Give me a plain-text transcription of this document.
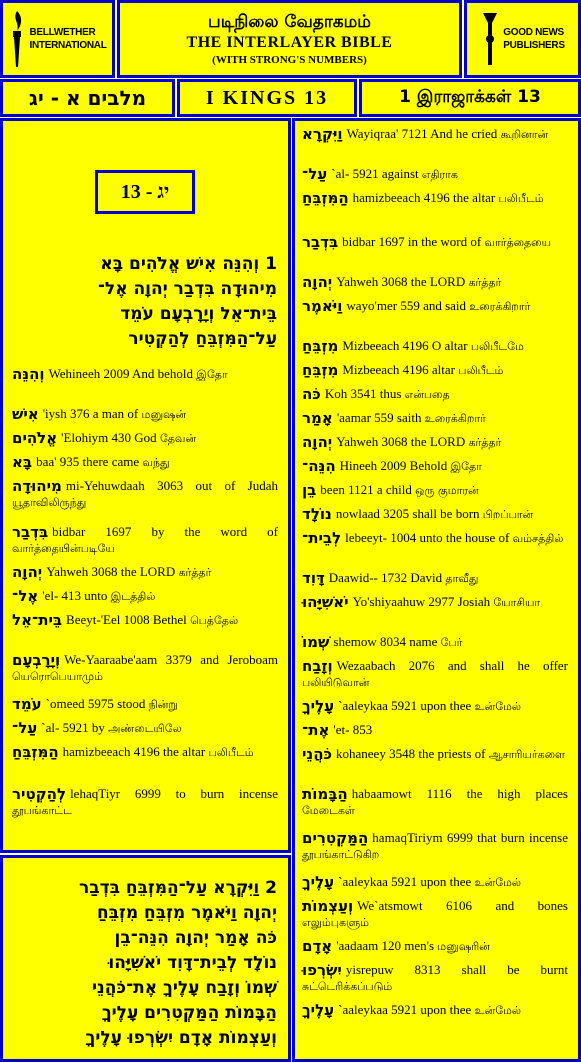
BELLWETHER
INTERNATIONAL
படிநிலை வேதாகமம்
THE INTERLAYER BIBLE
(WITH STRONG'S NUMBERS)
GOOD NEWS
PUBLISHERS
מלבים א - יג	I KINGS 13	1 இராஜாக்கள் 13
יג - 13
1 וְהִנֵּה אִישׁ אֱלֹהִים בָּא
מִיהוּדָה בִּדְבַר יְהוָה אֶל־
בֵּית־אֵל וְיָרָבְעָם עֹמֵד
עַל־הַמִּזְבֵּחַ לְהַקְטִיר
2 וַיִּקְרָא עַל־הַמִּזְבֵּחַ בִּדְבַר
יְהוָה וַיֹּאמֶר מִזְבֵּחַ מִזְבֵּחַ
כֹּה אָמַר יְהוָה הִנֵּה־בֵן
נוֹלָד לְבֵית־דָּוִד יֹאשִׁיָּהוּ
שְׁמוֹ וְזָבַח עָלֶיךָ אֶת־כֹּהֲנֵי
הַבָּמוֹת הַמַּקְטִרִים עָלֶיךָ
וְעַצְמוֹת אָדָם יִשְׂרְפוּ עָלֶיךָ
וְהִנֵּה Wehineeh 2009 And behold இதோ
אִישׁ 'iysh 376 a man of மனுஷன்
אֱלֹהִים 'Elohiym 430 God தேவன்
בָּא baa' 935 there came வந்து
מִיהוּדָה mi-Yehuwdaah 3063 out of Judah யூதாவிலிருந்து
בִּדְבַר bidbar 1697 by the word of வார்த்தையின்படியே
יְהוָה Yahweh 3068 the LORD கர்த்தர்
אֶל־ 'el- 413 unto இடத்தில்
בֵּית־אֵל Beeyt-'Eel 1008 Bethel பெத்தேல்
וְיָרָבְעָם We-Yaaraabe'aam 3379 and Jeroboam யெரொபெயாமும்
עֹמֵד `omeed 5975 stood நின்று
עַל־ `al- 5921 by அண்டையிலே
הַמִּזְבֵּחַ hamizbeeach 4196 the altar பலிபீடம்
לְהַקְטִיר lehaqTiyr 6999 to burn incense தூபங்காட்ட
וַיִּקְרָא Wayiqraa' 7121 And he cried கூறினான்
עַל־ `al- 5921 against எதிராக
הַמִּזְבֵּחַ hamizbeeach 4196 the altar பலிபீடம்
בִּדְבַר bidbar 1697 in the word of வார்த்தையை
יְהוָה Yahweh 3068 the LORD கர்த்தர்
וַיֹּאמֶר wayo'mer 559 and said உரைக்கிறார்
מִזְבֵּחַ Mizbeeach 4196 O altar பலிபீடமே
מִזְבֵּחַ Mizbeeach 4196 altar பலிபீடம்
כֹּה Koh 3541 thus என்பதை
אָמַר 'aamar 559 saith உரைக்கிறார்
יְהוָה Yahweh 3068 the LORD கர்த்தர்
הִנֵּה־ Hineeh 2009 Behold இதோ
בֵן been 1121 a child ஒரு குமாரன்
נוֹלָד nowlaad 3205 shall be born பிறப்பான்
לְבֵית־ lebeeyt- 1004 unto the house of வம்சத்தில்
דָּוִד Daawid-- 1732 David தாவீது
יֹאשִׁיָּהוּ Yo'shiyaahuw 2977 Josiah யோசியா
שְׁמוֹ shemow 8034 name பேர்
וְזָבַח Wezaabach 2076 and shall he offer பலியிடுவான்
עָלֶיךָ `aaleykaa 5921 upon thee உன்மேல்
אֶת־ 'et- 853
כֹּהֲנֵי kohaneey 3548 the priests of ஆசாரியர்களை
הַבָּמוֹת habaamowt 1116 the high places மேடைகள்
הַמַּקְטִרִים hamaqTiriym 6999 that burn incense தூபங்காட்டுகிற
עָלֶיךָ `aaleykaa 5921 upon thee உன்மேல்
וְעַצְמוֹת We`atsmowt 6106 and bones எலும்புகளும்
אָדָם 'aadaam 120 men's மனுஷரின்
יִשְׂרְפוּ yisrepuw 8313 shall be burnt சுட்டெரிக்கப்படும்
עָלֶיךָ `aaleykaa 5921 upon thee உன்மேல்
